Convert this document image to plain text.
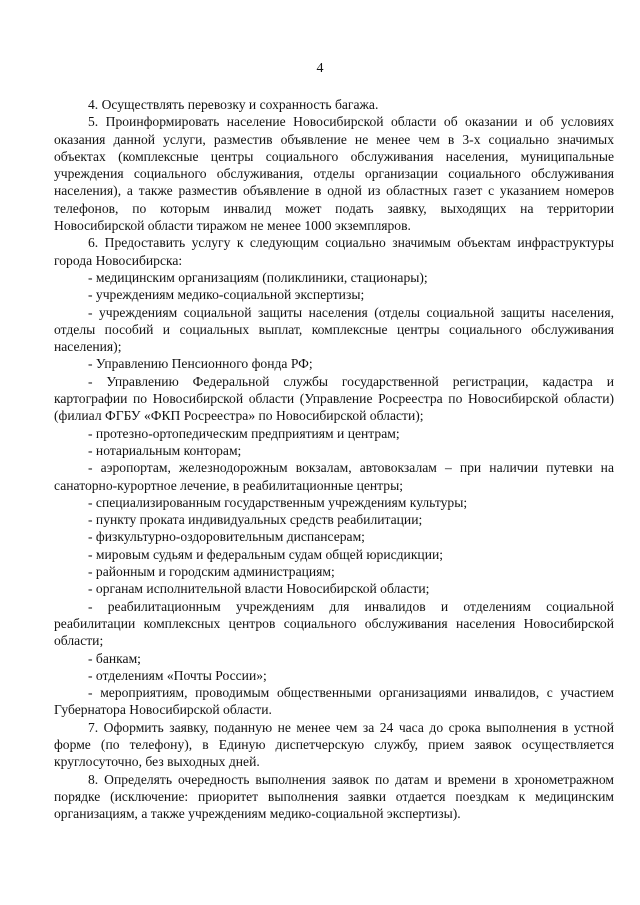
4

4. Осуществлять перевозку и сохранность багажа.

5. Проинформировать население Новосибирской области об оказании и об условиях оказания данной услуги, разместив объявление не менее чем в 3-х социально значимых объектах (комплексные центры социального обслуживания населения, муниципальные учреждения социального обслуживания, отделы организации социального обслуживания населения), а также разместив объявление в одной из областных газет с указанием номеров телефонов, по которым инвалид может подать заявку, выходящих на территории Новосибирской области тиражом не менее 1000 экземпляров.

6. Предоставить услугу к следующим социально значимым объектам инфраструктуры города Новосибирска:

- медицинским организациям (поликлиники, стационары);

- учреждениям медико-социальной экспертизы;

- учреждениям социальной защиты населения (отделы социальной защиты населения, отделы пособий и социальных выплат, комплексные центры социального обслуживания населения);

- Управлению Пенсионного фонда РФ;

- Управлению Федеральной службы государственной регистрации, кадастра и картографии по Новосибирской области (Управление Росреестра по Новосибирской области) (филиал ФГБУ «ФКП Росреестра» по Новосибирской области);

- протезно-ортопедическим предприятиям и центрам;

- нотариальным конторам;

- аэропортам, железнодорожным вокзалам, автовокзалам – при наличии путевки на санаторно-курортное лечение, в реабилитационные центры;

- специализированным государственным учреждениям культуры;

- пункту проката индивидуальных средств реабилитации;

- физкультурно-оздоровительным диспансерам;

- мировым судьям и федеральным судам общей юрисдикции;

- районным и городским администрациям;

- органам исполнительной власти Новосибирской области;

- реабилитационным учреждениям для инвалидов и отделениям социальной реабилитации комплексных центров социального обслуживания населения Новосибирской области;

- банкам;

- отделениям «Почты России»;

- мероприятиям, проводимым общественными организациями инвалидов, с участием Губернатора Новосибирской области.

7. Оформить заявку, поданную не менее чем за 24 часа до срока выполнения в устной форме (по телефону), в Единую диспетчерскую службу, прием заявок осуществляется круглосуточно, без выходных дней.

8. Определять очередность выполнения заявок по датам и времени в хронометражном порядке (исключение: приоритет выполнения заявки отдается поездкам к медицинским организациям, а также учреждениям медико-социальной экспертизы).
